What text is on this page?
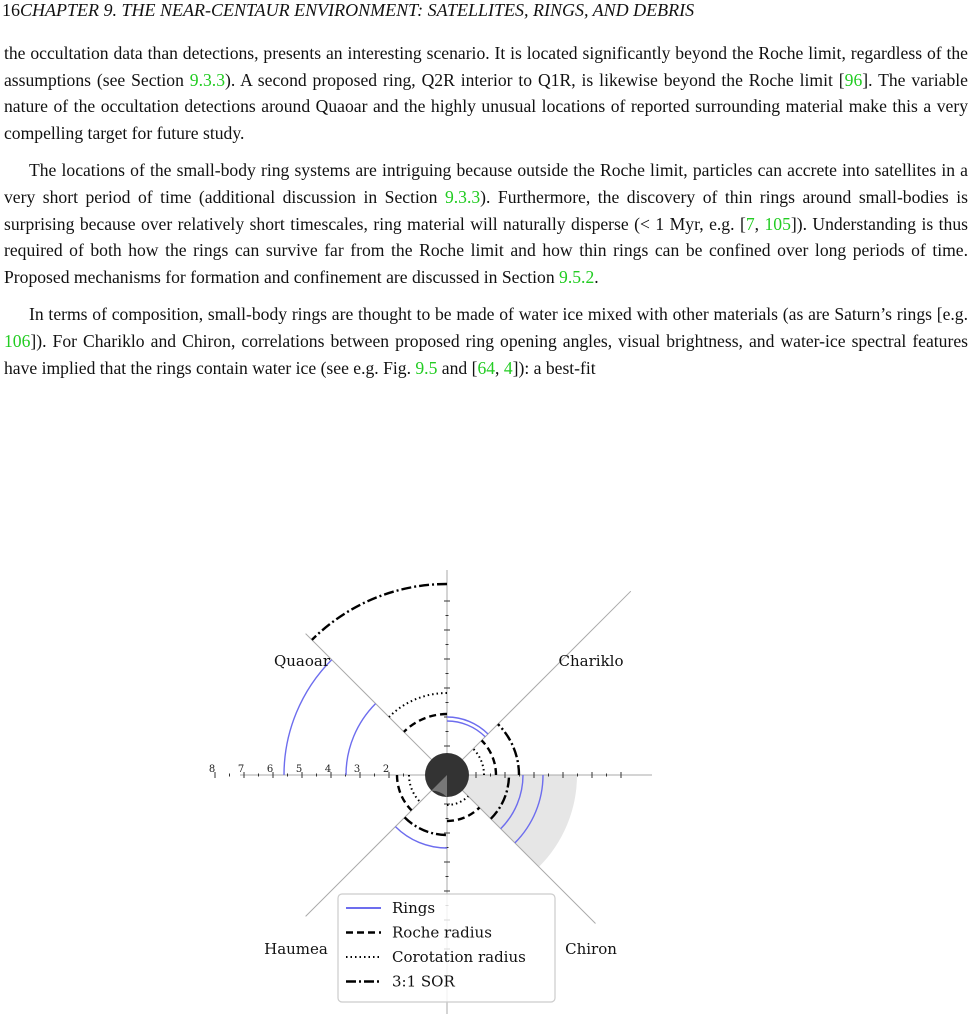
16CHAPTER 9. THE NEAR-CENTAUR ENVIRONMENT: SATELLITES, RINGS, AND DEBRIS

the occultation data than detections, presents an interesting scenario. It is located significantly beyond the Roche limit, regardless of the assumptions (see Section 9.3.3). A second proposed ring, Q2R interior to Q1R, is likewise beyond the Roche limit [96]. The variable nature of the occultation detections around Quaoar and the highly unusual locations of reported surrounding material make this a very compelling target for future study.

The locations of the small-body ring systems are intriguing because outside the Roche limit, particles can accrete into satellites in a very short period of time (additional discussion in Section 9.3.3). Furthermore, the discovery of thin rings around small-bodies is surprising because over relatively short timescales, ring material will naturally disperse (< 1 Myr, e.g. [7, 105]). Understanding is thus required of both how the rings can survive far from the Roche limit and how thin rings can be confined over long periods of time. Proposed mechanisms for formation and confinement are discussed in Section 9.5.2.

In terms of composition, small-body rings are thought to be made of water ice mixed with other materials (as are Saturn’s rings [e.g. 106]). For Chariklo and Chiron, correlations between proposed ring opening angles, visual brightness, and water-ice spectral features have implied that the rings contain water ice (see e.g. Fig. 9.5 and [64, 4]): a best-fit

2
3
4
5
6
7
8
Quaoar	Chariklo
Haumea	Chiron
Rings
Roche radius
Corotation radius
3:1 SOR
